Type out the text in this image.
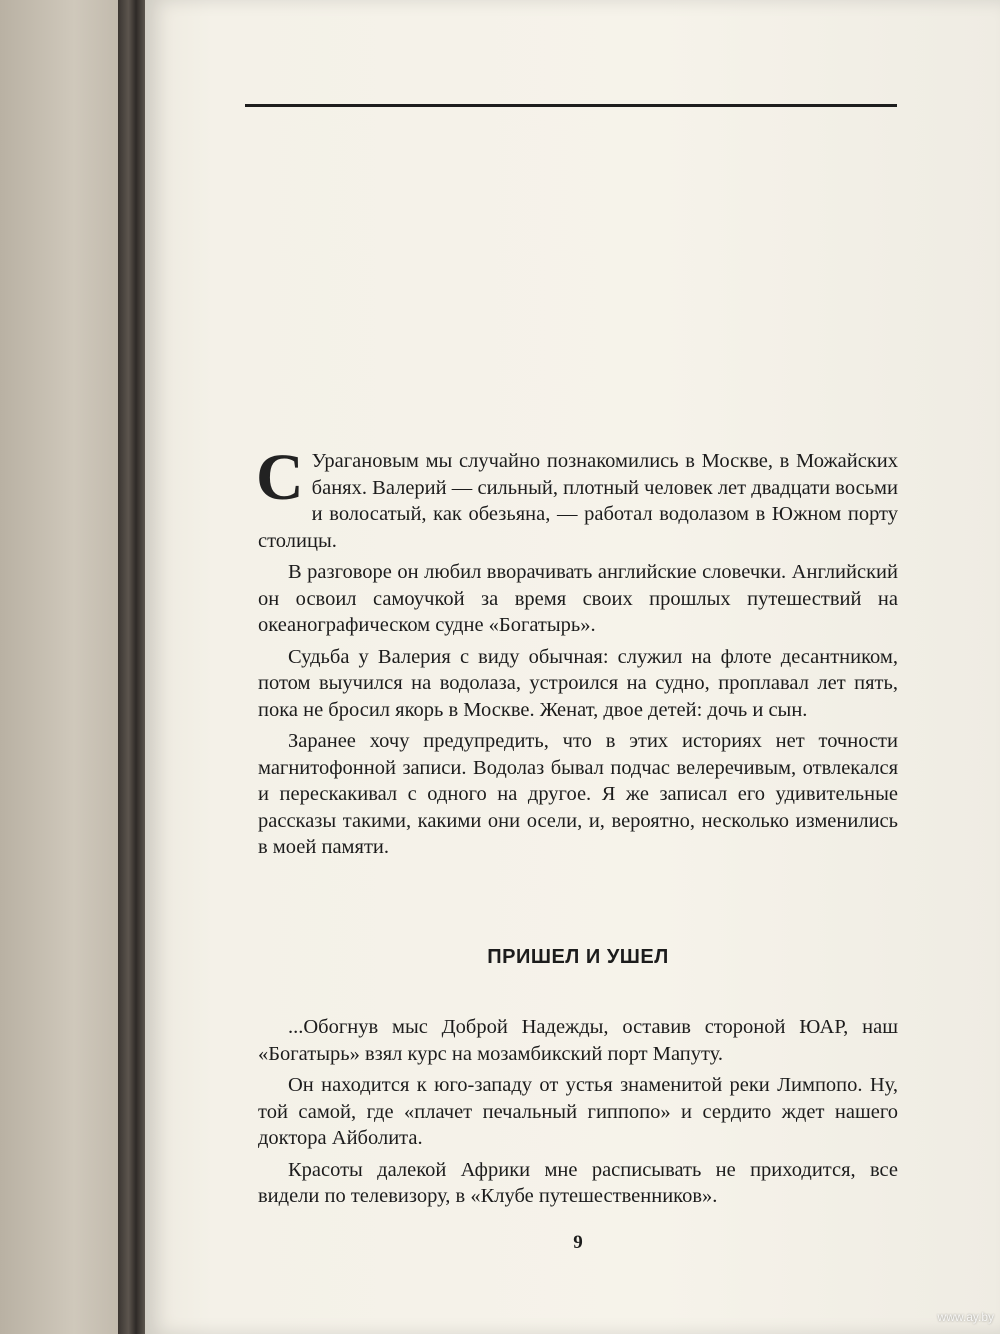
С Урагановым мы случайно познакомились в Москве, в Можайских банях. Валерий — сильный, плотный человек лет двадцати восьми и волосатый, как обезьяна, — работал водолазом в Южном порту столицы.

В разговоре он любил вворачивать английские словечки. Английский он освоил самоучкой за время своих прошлых путешествий на океанографическом судне «Богатырь».

Судьба у Валерия с виду обычная: служил на флоте десантником, потом выучился на водолаза, устроился на судно, проплавал лет пять, пока не бросил якорь в Москве. Женат, двое детей: дочь и сын.

Заранее хочу предупредить, что в этих историях нет точности магнитофонной записи. Водолаз бывал подчас велеречивым, отвлекался и перескакивал с одного на другое. Я же записал его удивительные рассказы такими, какими они осели, и, вероятно, несколько изменились в моей памяти.

ПРИШЕЛ И УШЕЛ

...Обогнув мыс Доброй Надежды, оставив стороной ЮАР, наш «Богатырь» взял курс на мозамбикский порт Мапуту.

Он находится к юго-западу от устья знаменитой реки Лимпопо. Ну, той самой, где «плачет печальный гиппопо» и сердито ждет нашего доктора Айболита.

Красоты далекой Африки мне расписывать не приходится, все видели по телевизору, в «Клубе путешественников».

9
www.ay.by
